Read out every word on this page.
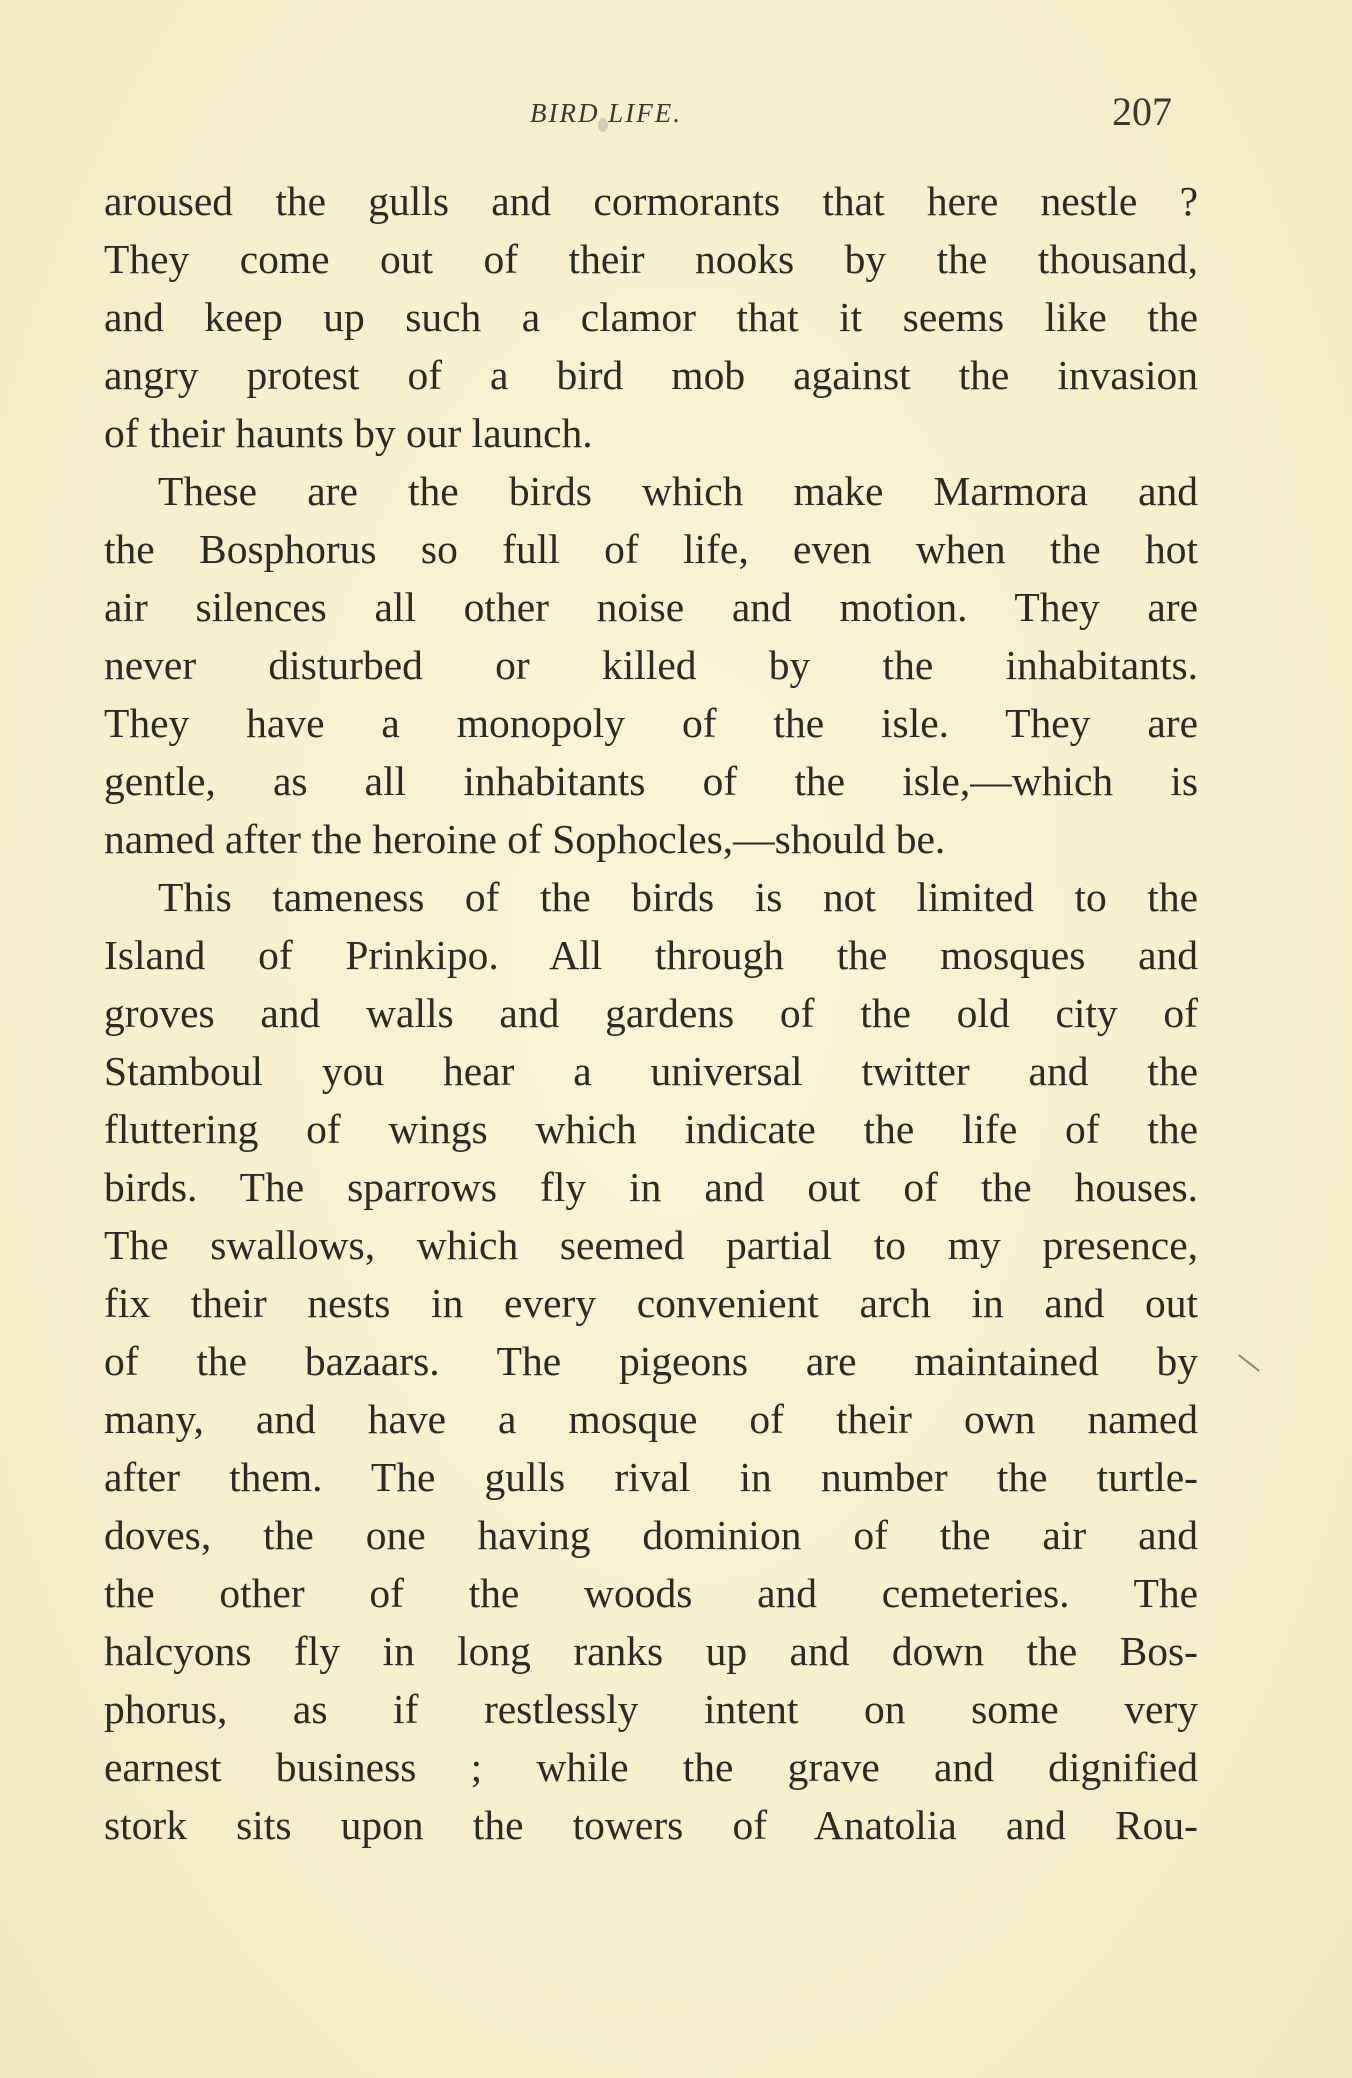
BIRD LIFE.	207
aroused the gulls and cormorants that here nestle ?
They come out of their nooks by the thousand,
and keep up such a clamor that it seems like the
angry protest of a bird mob against the invasion
of their haunts by our launch.
These are the birds which make Marmora and
the Bosphorus so full of life, even when the hot
air silences all other noise and motion. They are
never disturbed or killed by the inhabitants.
They have a monopoly of the isle. They are
gentle, as all inhabitants of the isle,—which is
named after the heroine of Sophocles,—should be.
This tameness of the birds is not limited to the
Island of Prinkipo. All through the mosques and
groves and walls and gardens of the old city of
Stamboul you hear a universal twitter and the
fluttering of wings which indicate the life of the
birds. The sparrows fly in and out of the houses.
The swallows, which seemed partial to my presence,
fix their nests in every convenient arch in and out
of the bazaars. The pigeons are maintained by
many, and have a mosque of their own named
after them. The gulls rival in number the turtle-
doves, the one having dominion of the air and
the other of the woods and cemeteries. The
halcyons fly in long ranks up and down the Bos-
phorus, as if restlessly intent on some very
earnest business ; while the grave and dignified
stork sits upon the towers of Anatolia and Rou-
